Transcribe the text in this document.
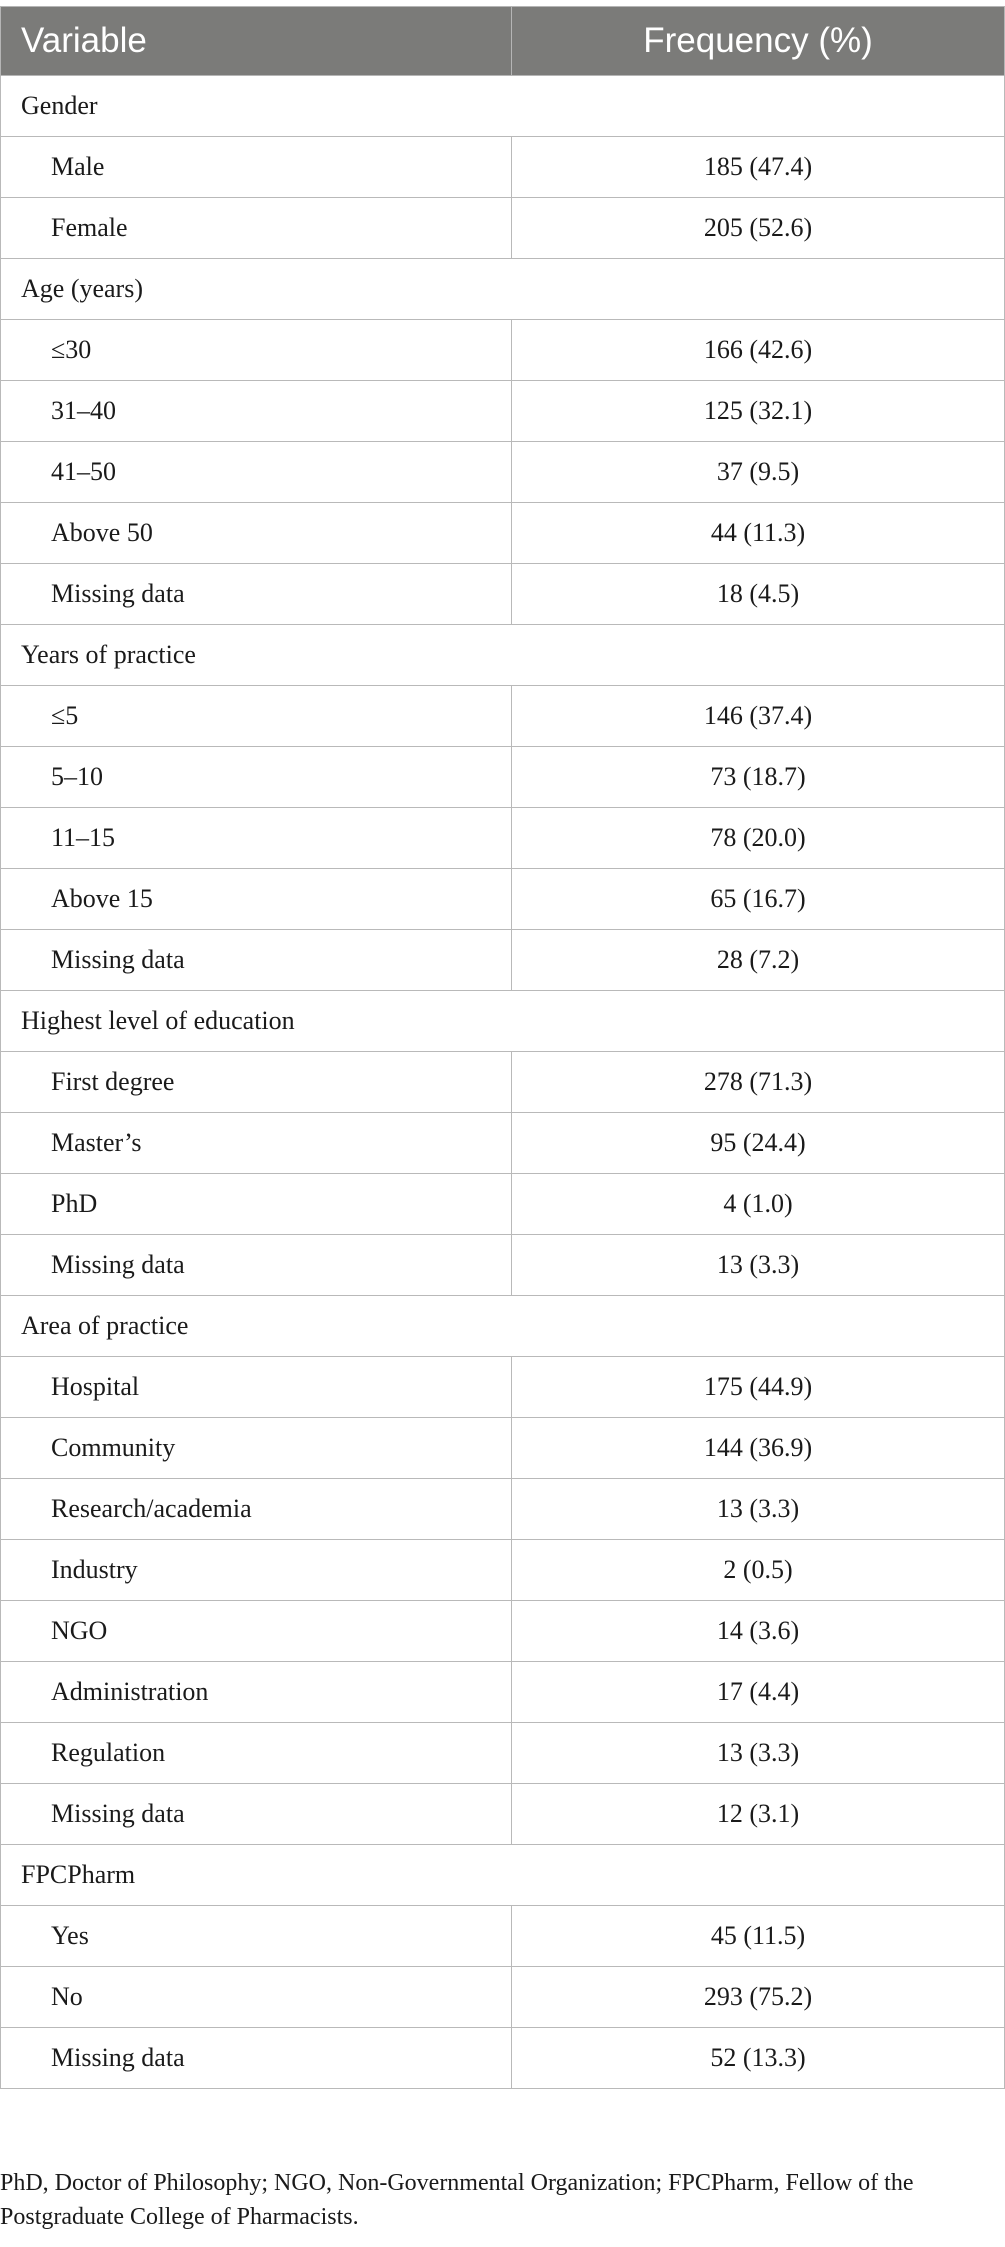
Variable	Frequency (%)
Gender	
Male	185 (47.4)
Female	205 (52.6)
Age (years)	
≤30	166 (42.6)
31–40	125 (32.1)
41–50	37 (9.5)
Above 50	44 (11.3)
Missing data	18 (4.5)
Years of practice	
≤5	146 (37.4)
5–10	73 (18.7)
11–15	78 (20.0)
Above 15	65 (16.7)
Missing data	28 (7.2)
Highest level of education	
First degree	278 (71.3)
Master’s	95 (24.4)
PhD	4 (1.0)
Missing data	13 (3.3)
Area of practice	
Hospital	175 (44.9)
Community	144 (36.9)
Research/academia	13 (3.3)
Industry	2 (0.5)
NGO	14 (3.6)
Administration	17 (4.4)
Regulation	13 (3.3)
Missing data	12 (3.1)
FPCPharm	
Yes	45 (11.5)
No	293 (75.2)
Missing data	52 (13.3)
PhD, Doctor of Philosophy; NGO, Non-Governmental Organization; FPCPharm, Fellow of the Postgraduate College of Pharmacists.
